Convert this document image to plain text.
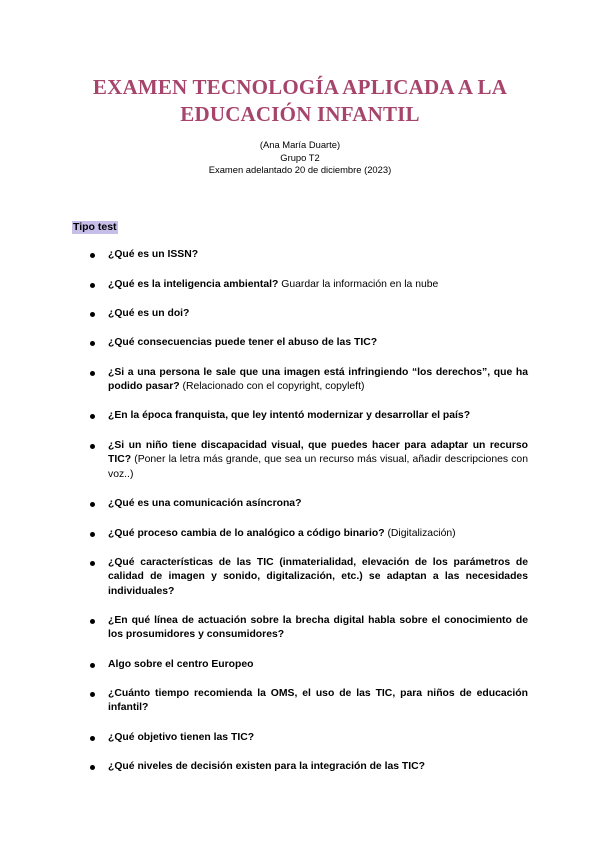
EXAMEN TECNOLOGÍA APLICADA A LA
EDUCACIÓN INFANTIL
(Ana María Duarte)
Grupo T2
Examen adelantado 20 de diciembre (2023)
Tipo test
¿Qué es un ISSN?
¿Qué es la inteligencia ambiental? Guardar la información en la nube
¿Qué es un doi?
¿Qué consecuencias puede tener el abuso de las TIC?
¿Si a una persona le sale que una imagen está infringiendo “los derechos”, que ha podido pasar? (Relacionado con el copyright, copyleft)
¿En la época franquista, que ley intentó modernizar y desarrollar el país?
¿Si un niño tiene discapacidad visual, que puedes hacer para adaptar un recurso TIC? (Poner la letra más grande, que sea un recurso más visual, añadir descripciones con voz..)
¿Qué es una comunicación asíncrona?
¿Qué proceso cambia de lo analógico a código binario? (Digitalización)
¿Qué características de las TIC (inmaterialidad, elevación de los parámetros de calidad de imagen y sonido, digitalización, etc.) se adaptan a las necesidades individuales?
¿En qué línea de actuación sobre la brecha digital habla sobre el conocimiento de los prosumidores y consumidores?
Algo sobre el centro Europeo
¿Cuánto tiempo recomienda la OMS, el uso de las TIC, para niños de educación infantil?
¿Qué objetivo tienen las TIC?
¿Qué niveles de decisión existen para la integración de las TIC?
